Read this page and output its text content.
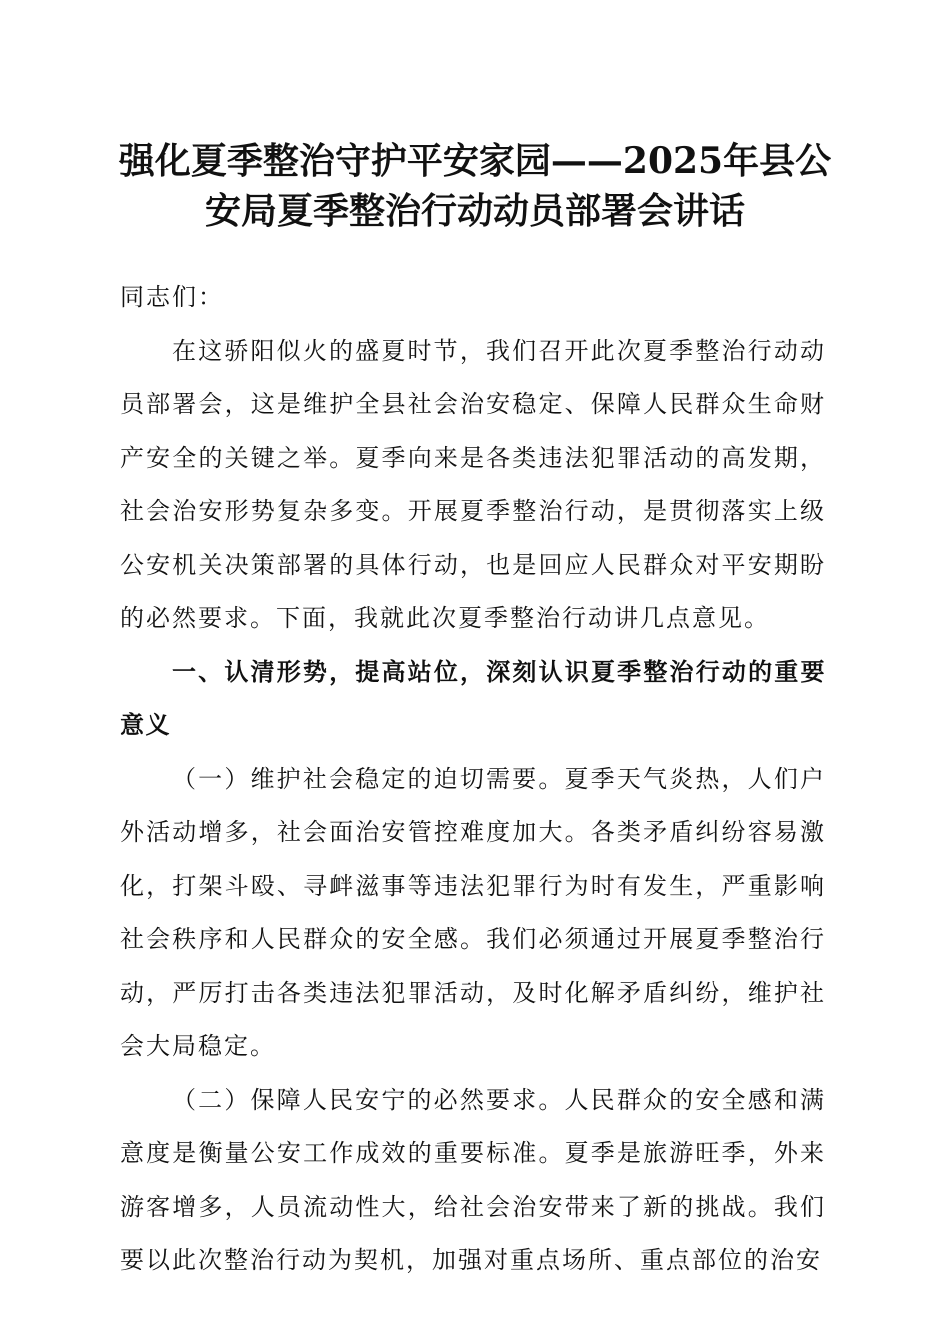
强化夏季整治守护平安家园——2025年县公
安局夏季整治行动动员部署会讲话

同志们：

在这骄阳似火的盛夏时节，我们召开此次夏季整治行动动员部署会，这是维护全县社会治安稳定、保障人民群众生命财产安全的关键之举。夏季向来是各类违法犯罪活动的高发期，社会治安形势复杂多变。开展夏季整治行动，是贯彻落实上级公安机关决策部署的具体行动，也是回应人民群众对平安期盼的必然要求。下面，我就此次夏季整治行动讲几点意见。

一、认清形势，提高站位，深刻认识夏季整治行动的重要意义

（一）维护社会稳定的迫切需要。夏季天气炎热，人们户外活动增多，社会面治安管控难度加大。各类矛盾纠纷容易激化，打架斗殴、寻衅滋事等违法犯罪行为时有发生，严重影响社会秩序和人民群众的安全感。我们必须通过开展夏季整治行动，严厉打击各类违法犯罪活动，及时化解矛盾纠纷，维护社会大局稳定。

（二）保障人民安宁的必然要求。人民群众的安全感和满意度是衡量公安工作成效的重要标准。夏季是旅游旺季，外来游客增多，人员流动性大，给社会治安带来了新的挑战。我们要以此次整治行动为契机，加强对重点场所、重点部位的治安
